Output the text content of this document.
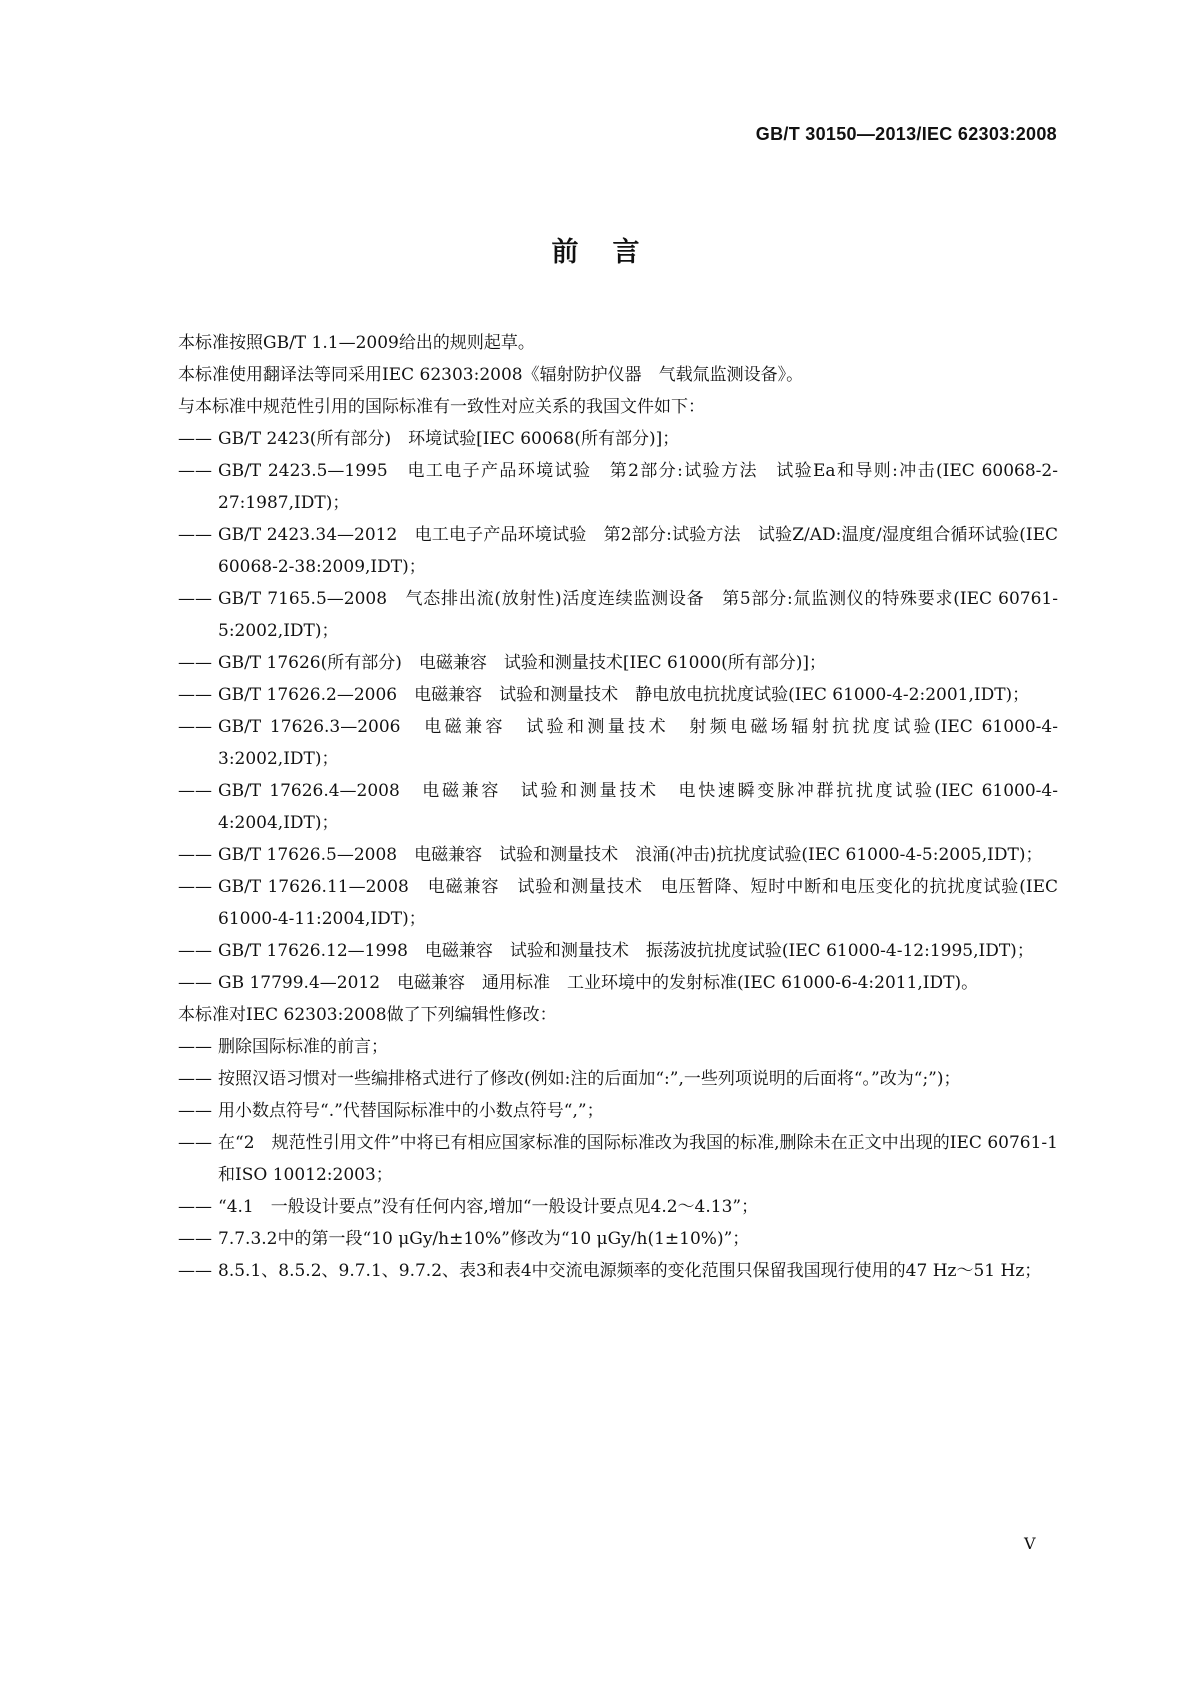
GB/T 30150—2013/IEC 62303:2008
前言

本标准按照GB/T 1.1—2009给出的规则起草。

本标准使用翻译法等同采用IEC 62303:2008《辐射防护仪器　气载氚监测设备》。

与本标准中规范性引用的国际标准有一致性对应关系的我国文件如下：

—— GB/T 2423(所有部分)　环境试验[IEC 60068(所有部分)]；

—— GB/T 2423.5—1995　电工电子产品环境试验　第2部分:试验方法　试验Ea和导则:冲击(IEC 60068-2-27:1987,IDT)；

—— GB/T 2423.34—2012　电工电子产品环境试验　第2部分:试验方法　试验Z/AD:温度/湿度组合循环试验(IEC 60068-2-38:2009,IDT)；

—— GB/T 7165.5—2008　气态排出流(放射性)活度连续监测设备　第5部分:氚监测仪的特殊要求(IEC 60761-5:2002,IDT)；

—— GB/T 17626(所有部分)　电磁兼容　试验和测量技术[IEC 61000(所有部分)]；

—— GB/T 17626.2—2006　电磁兼容　试验和测量技术　静电放电抗扰度试验(IEC 61000-4-2:2001,IDT)；

—— GB/T 17626.3—2006　电磁兼容　试验和测量技术　射频电磁场辐射抗扰度试验(IEC 61000-4-3:2002,IDT)；

—— GB/T 17626.4—2008　电磁兼容　试验和测量技术　电快速瞬变脉冲群抗扰度试验(IEC 61000-4-4:2004,IDT)；

—— GB/T 17626.5—2008　电磁兼容　试验和测量技术　浪涌(冲击)抗扰度试验(IEC 61000-4-5:2005,IDT)；

—— GB/T 17626.11—2008　电磁兼容　试验和测量技术　电压暂降、短时中断和电压变化的抗扰度试验(IEC 61000-4-11:2004,IDT)；

—— GB/T 17626.12—1998　电磁兼容　试验和测量技术　振荡波抗扰度试验(IEC 61000-4-12:1995,IDT)；

—— GB 17799.4—2012　电磁兼容　通用标准　工业环境中的发射标准(IEC 61000-6-4:2011,IDT)。

本标准对IEC 62303:2008做了下列编辑性修改：

—— 删除国际标准的前言；

—— 按照汉语习惯对一些编排格式进行了修改(例如:注的后面加“:”,一些列项说明的后面将“。”改为“;”)；

—— 用小数点符号“.”代替国际标准中的小数点符号“,”；

—— 在“2　规范性引用文件”中将已有相应国家标准的国际标准改为我国的标准,删除未在正文中出现的IEC 60761-1和ISO 10012:2003；

—— “4.1　一般设计要点”没有任何内容,增加“一般设计要点见4.2～4.13”；

—— 7.7.3.2中的第一段“10 μGy/h±10%”修改为“10 μGy/h(1±10%)”；

—— 8.5.1、8.5.2、9.7.1、9.7.2、表3和表4中交流电源频率的变化范围只保留我国现行使用的47 Hz～51 Hz；

V
